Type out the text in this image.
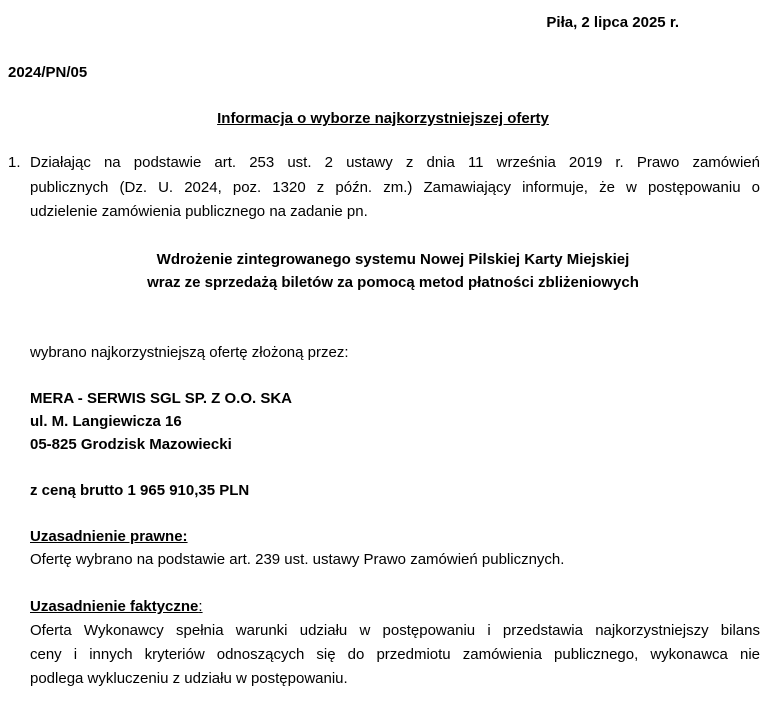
Piła, 2 lipca 2025 r.
2024/PN/05
Informacja o wyborze najkorzystniejszej oferty
1. Działając na podstawie art. 253 ust. 2 ustawy z dnia 11 września 2019 r. Prawo zamówień
publicznych (Dz. U. 2024, poz. 1320 z późn. zm.) Zamawiający informuje, że w postępowaniu o
udzielenie zamówienia publicznego na zadanie pn.
Wdrożenie zintegrowanego systemu Nowej Pilskiej Karty Miejskiej
wraz ze sprzedażą biletów za pomocą metod płatności zbliżeniowych
wybrano najkorzystniejszą ofertę złożoną przez:
MERA - SERWIS SGL SP. Z O.O. SKA
ul. M. Langiewicza 16
05-825 Grodzisk Mazowiecki
z ceną brutto 1 965 910,35 PLN
Uzasadnienie prawne:
Ofertę wybrano na podstawie art. 239 ust. ustawy Prawo zamówień publicznych.
Uzasadnienie faktyczne:
Oferta Wykonawcy spełnia warunki udziału w postępowaniu i przedstawia najkorzystniejszy bilans
ceny i innych kryteriów odnoszących się do przedmiotu zamówienia publicznego, wykonawca nie
podlega wykluczeniu z udziału w postępowaniu.
